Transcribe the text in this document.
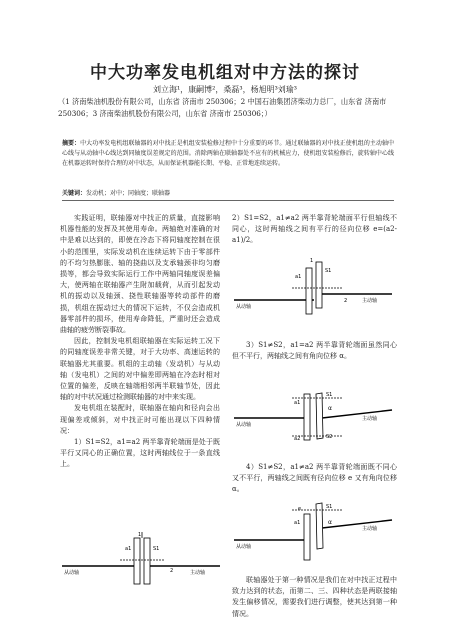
中大功率发电机组对中方法的探讨
刘立海¹，康嗣博²，桑磊³，杨旭明³刘瑜³
（1 济南柴油机股份有限公司，山东省 济南市 250306；2 中国石油集团济柴动力总厂，山东省 济南市 250306；3 济南柴油机股份有限公司，山东省 济南市 250306；）
摘要：中大功率发电机组联轴器的对中找正是机组安装检修过程中十分重要的环节。通过联轴器的对中找正使机组的主动轴中心线与从动轴中心线达到同轴度误差规定的范围。消除两轴在联轴器处不应有的机械应力，使机组安装检修后，旋转轴中心线在机器运转时保持合理的对中状态，从而保证机器能长期、平稳、正常地连续运转。
关键词：发动机；对中；同轴度；联轴器
实践证明，联轴器对中找正的质量，直接影响机器性能的发挥及其使用寿命。两轴绝对准确的对中是难以达到的，即使在冷态下将同轴度控制在很小的范围里，实际发动机在连续运转下由于零部件的不均匀热膨胀、轴的挠曲以及支承轴颈非均匀磨损等，都会导致实际运行工作中两轴同轴度误差偏大，使两轴在联轴器产生附加载荷，从而引起发动机的振动以及轴颈、挠性联轴器等转动部件的磨损，机组在振动过大的情况下运转，不仅会造成机器零部件的损坏，使用寿命降低，严重时还会造成曲轴的疲劳断裂事故。
因此，控制发电机组联轴器在实际运转工况下的同轴度误差非常关键，对于大功率、高速运转的联轴器尤其重要。机组的主动轴（发动机）与从动轴（发电机）之间的对中偏差即两轴在冷态时相对位置的偏差，反映在轴端相邻两半联轴节处，因此轴的对中状况通过检测联轴器的对中来实现。
发电机组在装配时，联轴器在轴向和径向会出现偏差或倾斜，对中找正时可能出现以下四种情况：
1）S1=S2，a1=a2 两半靠背轮端面是处于既平行又同心的正确位置，这时两轴线位于一条直线上。
a1	S1
1
2
从动轴	主动轴
2）S1=S2，a1≠a2 两半靠背轮端面平行但轴线不同心，这时两轴线之间有平行的径向位移 e=(a2-a1)/2。
a1
S1
1
2
从动轴
主动轴
3）S1≠S2，a1=a2 两半靠背轮端面虽然同心但不平行，两轴线之间有角向位移 α。
a1
S1
α
S2
a2
从动轴
主动轴
4）S1≠S2，a1≠a2 两半靠背轮端面既不同心又不平行，两轴线之间既有径向位移 e 又有角向位移 α。
a1
S1
α
e
从动轴
主动轴
联轴器处于第一种情况是我们在对中找正过程中致力达到的状态，而第二、三、四种状态是两联接轴发生偏移情况，需要我们进行调整，使其达到第一种情况。
